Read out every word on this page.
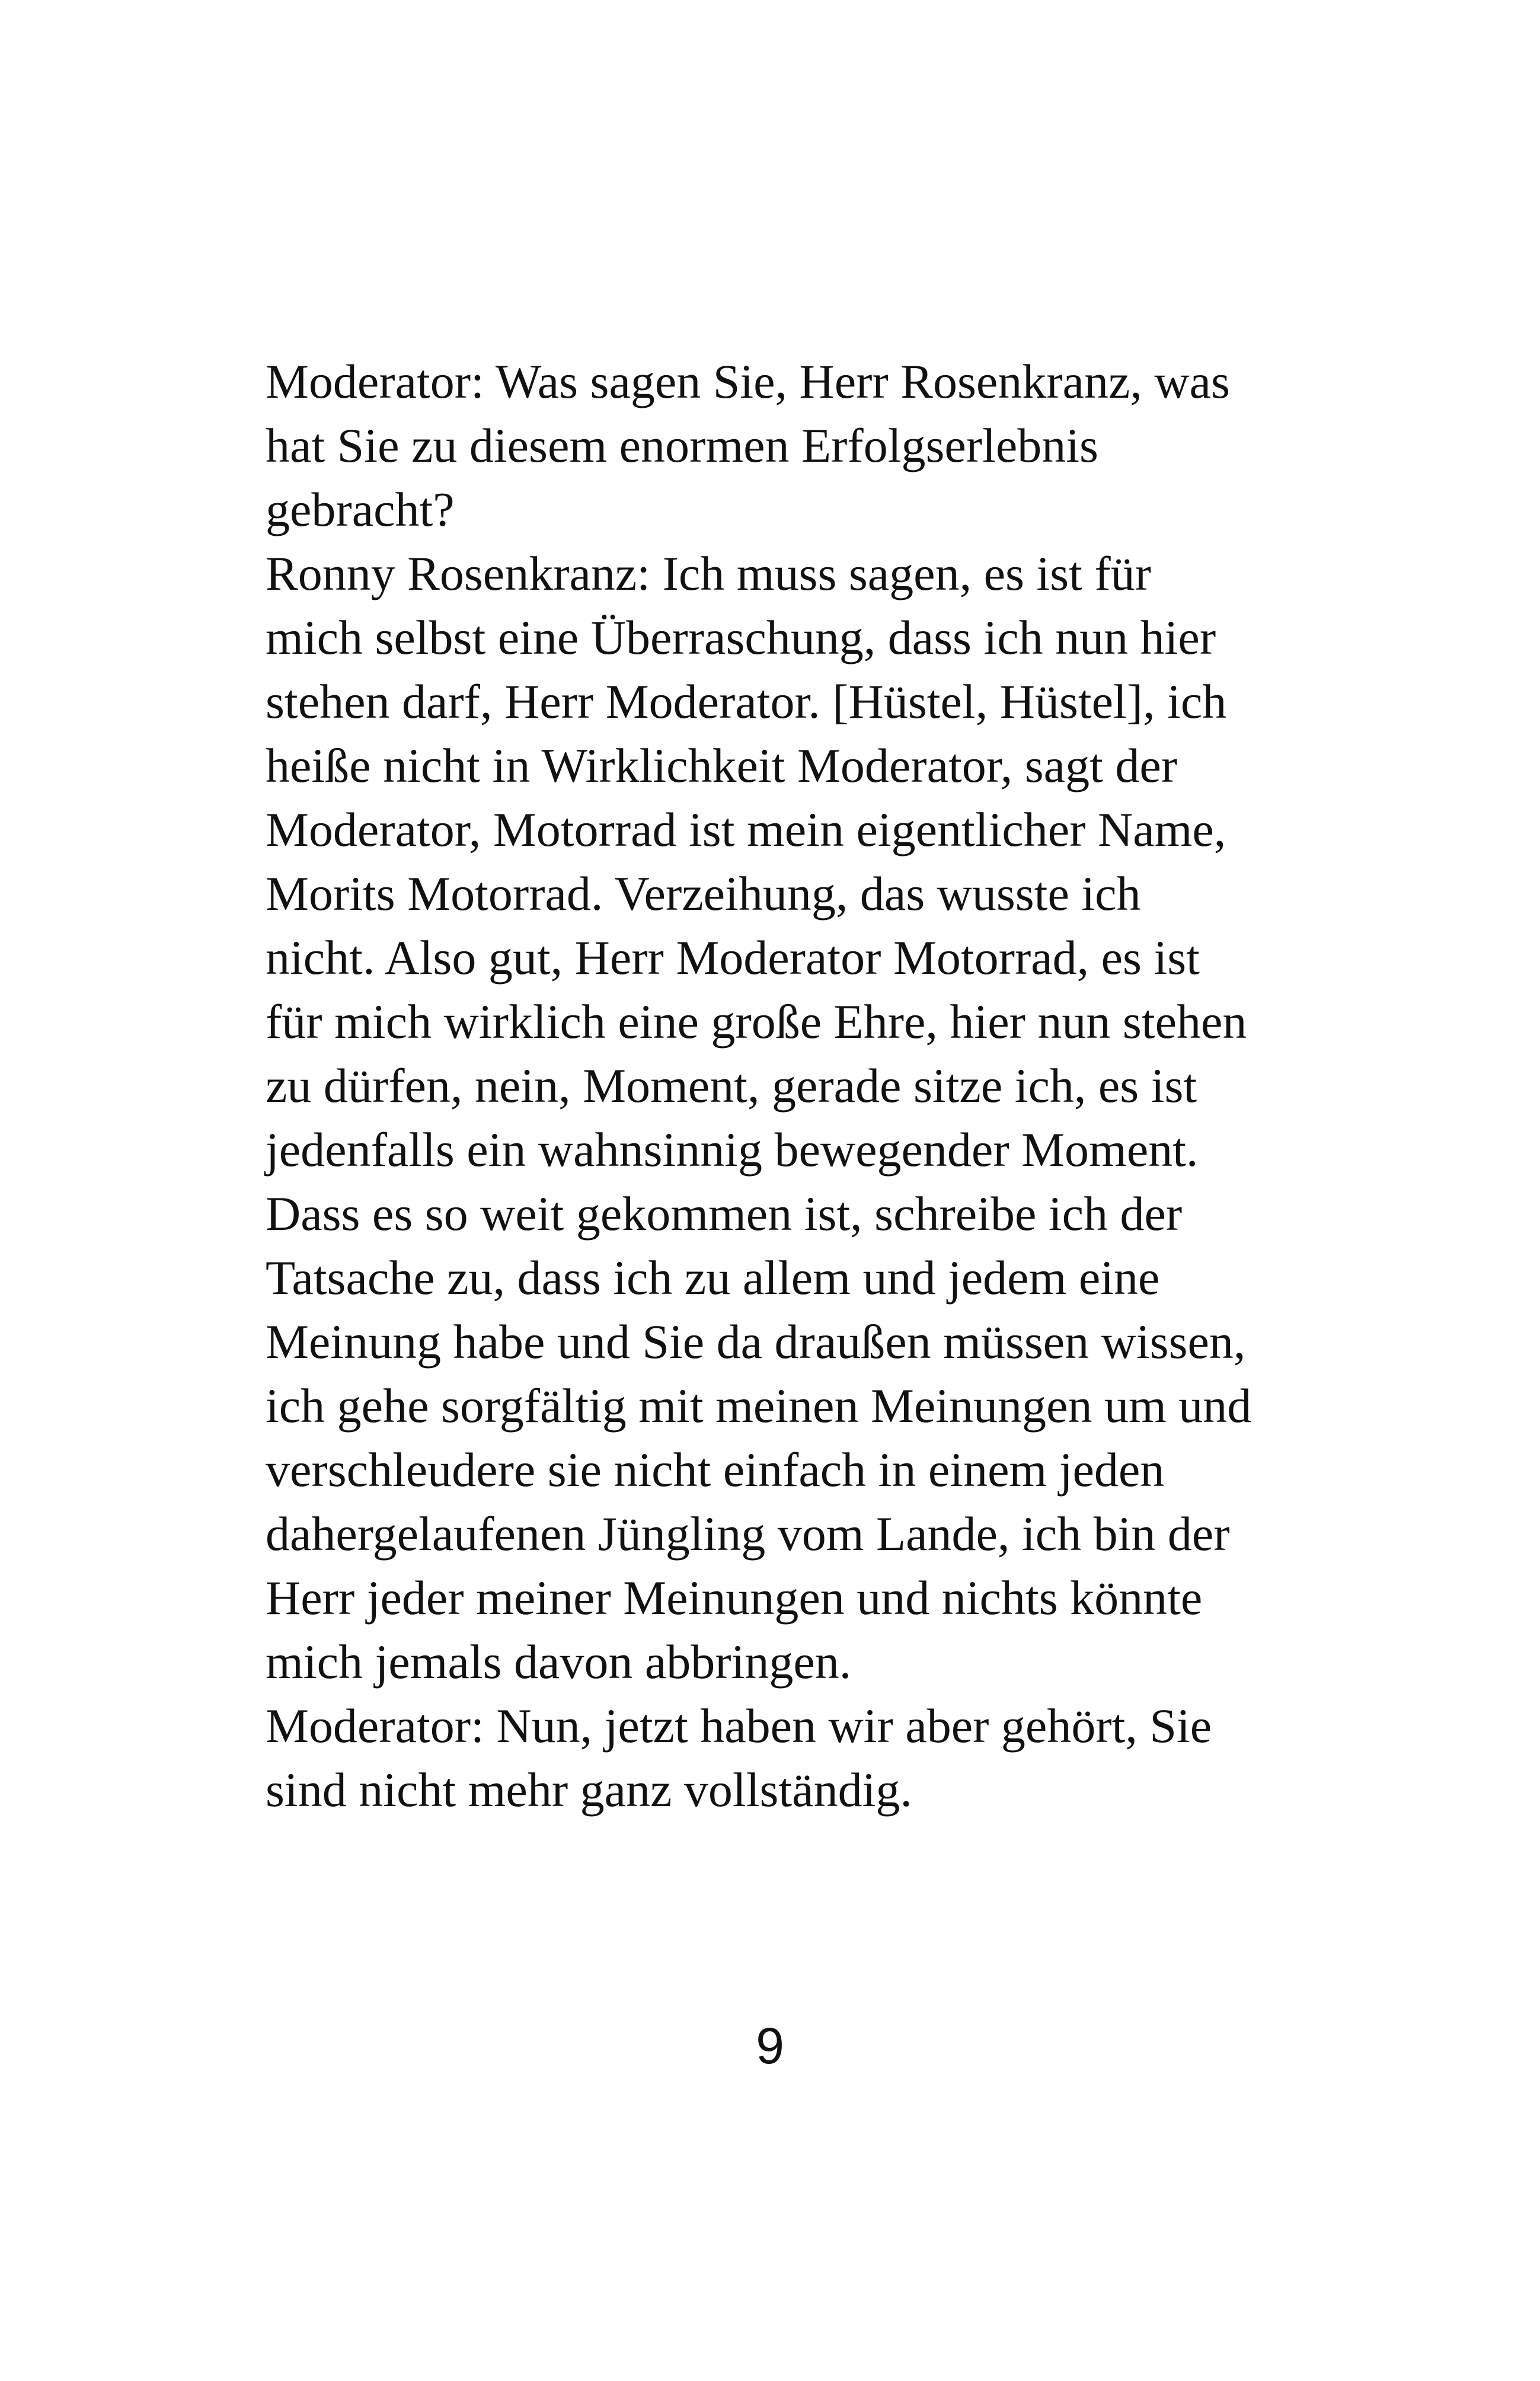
Moderator: Was sagen Sie, Herr Rosenkranz, was
hat Sie zu diesem enormen Erfolgserlebnis
gebracht?
Ronny Rosenkranz: Ich muss sagen, es ist für
mich selbst eine Überraschung, dass ich nun hier
stehen darf, Herr Moderator. [Hüstel, Hüstel], ich
heiße nicht in Wirklichkeit Moderator, sagt der
Moderator, Motorrad ist mein eigentlicher Name,
Morits Motorrad. Verzeihung, das wusste ich
nicht. Also gut, Herr Moderator Motorrad, es ist
für mich wirklich eine große Ehre, hier nun stehen
zu dürfen, nein, Moment, gerade sitze ich, es ist
jedenfalls ein wahnsinnig bewegender Moment.
Dass es so weit gekommen ist, schreibe ich der
Tatsache zu, dass ich zu allem und jedem eine
Meinung habe und Sie da draußen müssen wissen,
ich gehe sorgfältig mit meinen Meinungen um und
verschleudere sie nicht einfach in einem jeden
dahergelaufenen Jüngling vom Lande, ich bin der
Herr jeder meiner Meinungen und nichts könnte
mich jemals davon abbringen.
Moderator: Nun, jetzt haben wir aber gehört, Sie
sind nicht mehr ganz vollständig.
9
